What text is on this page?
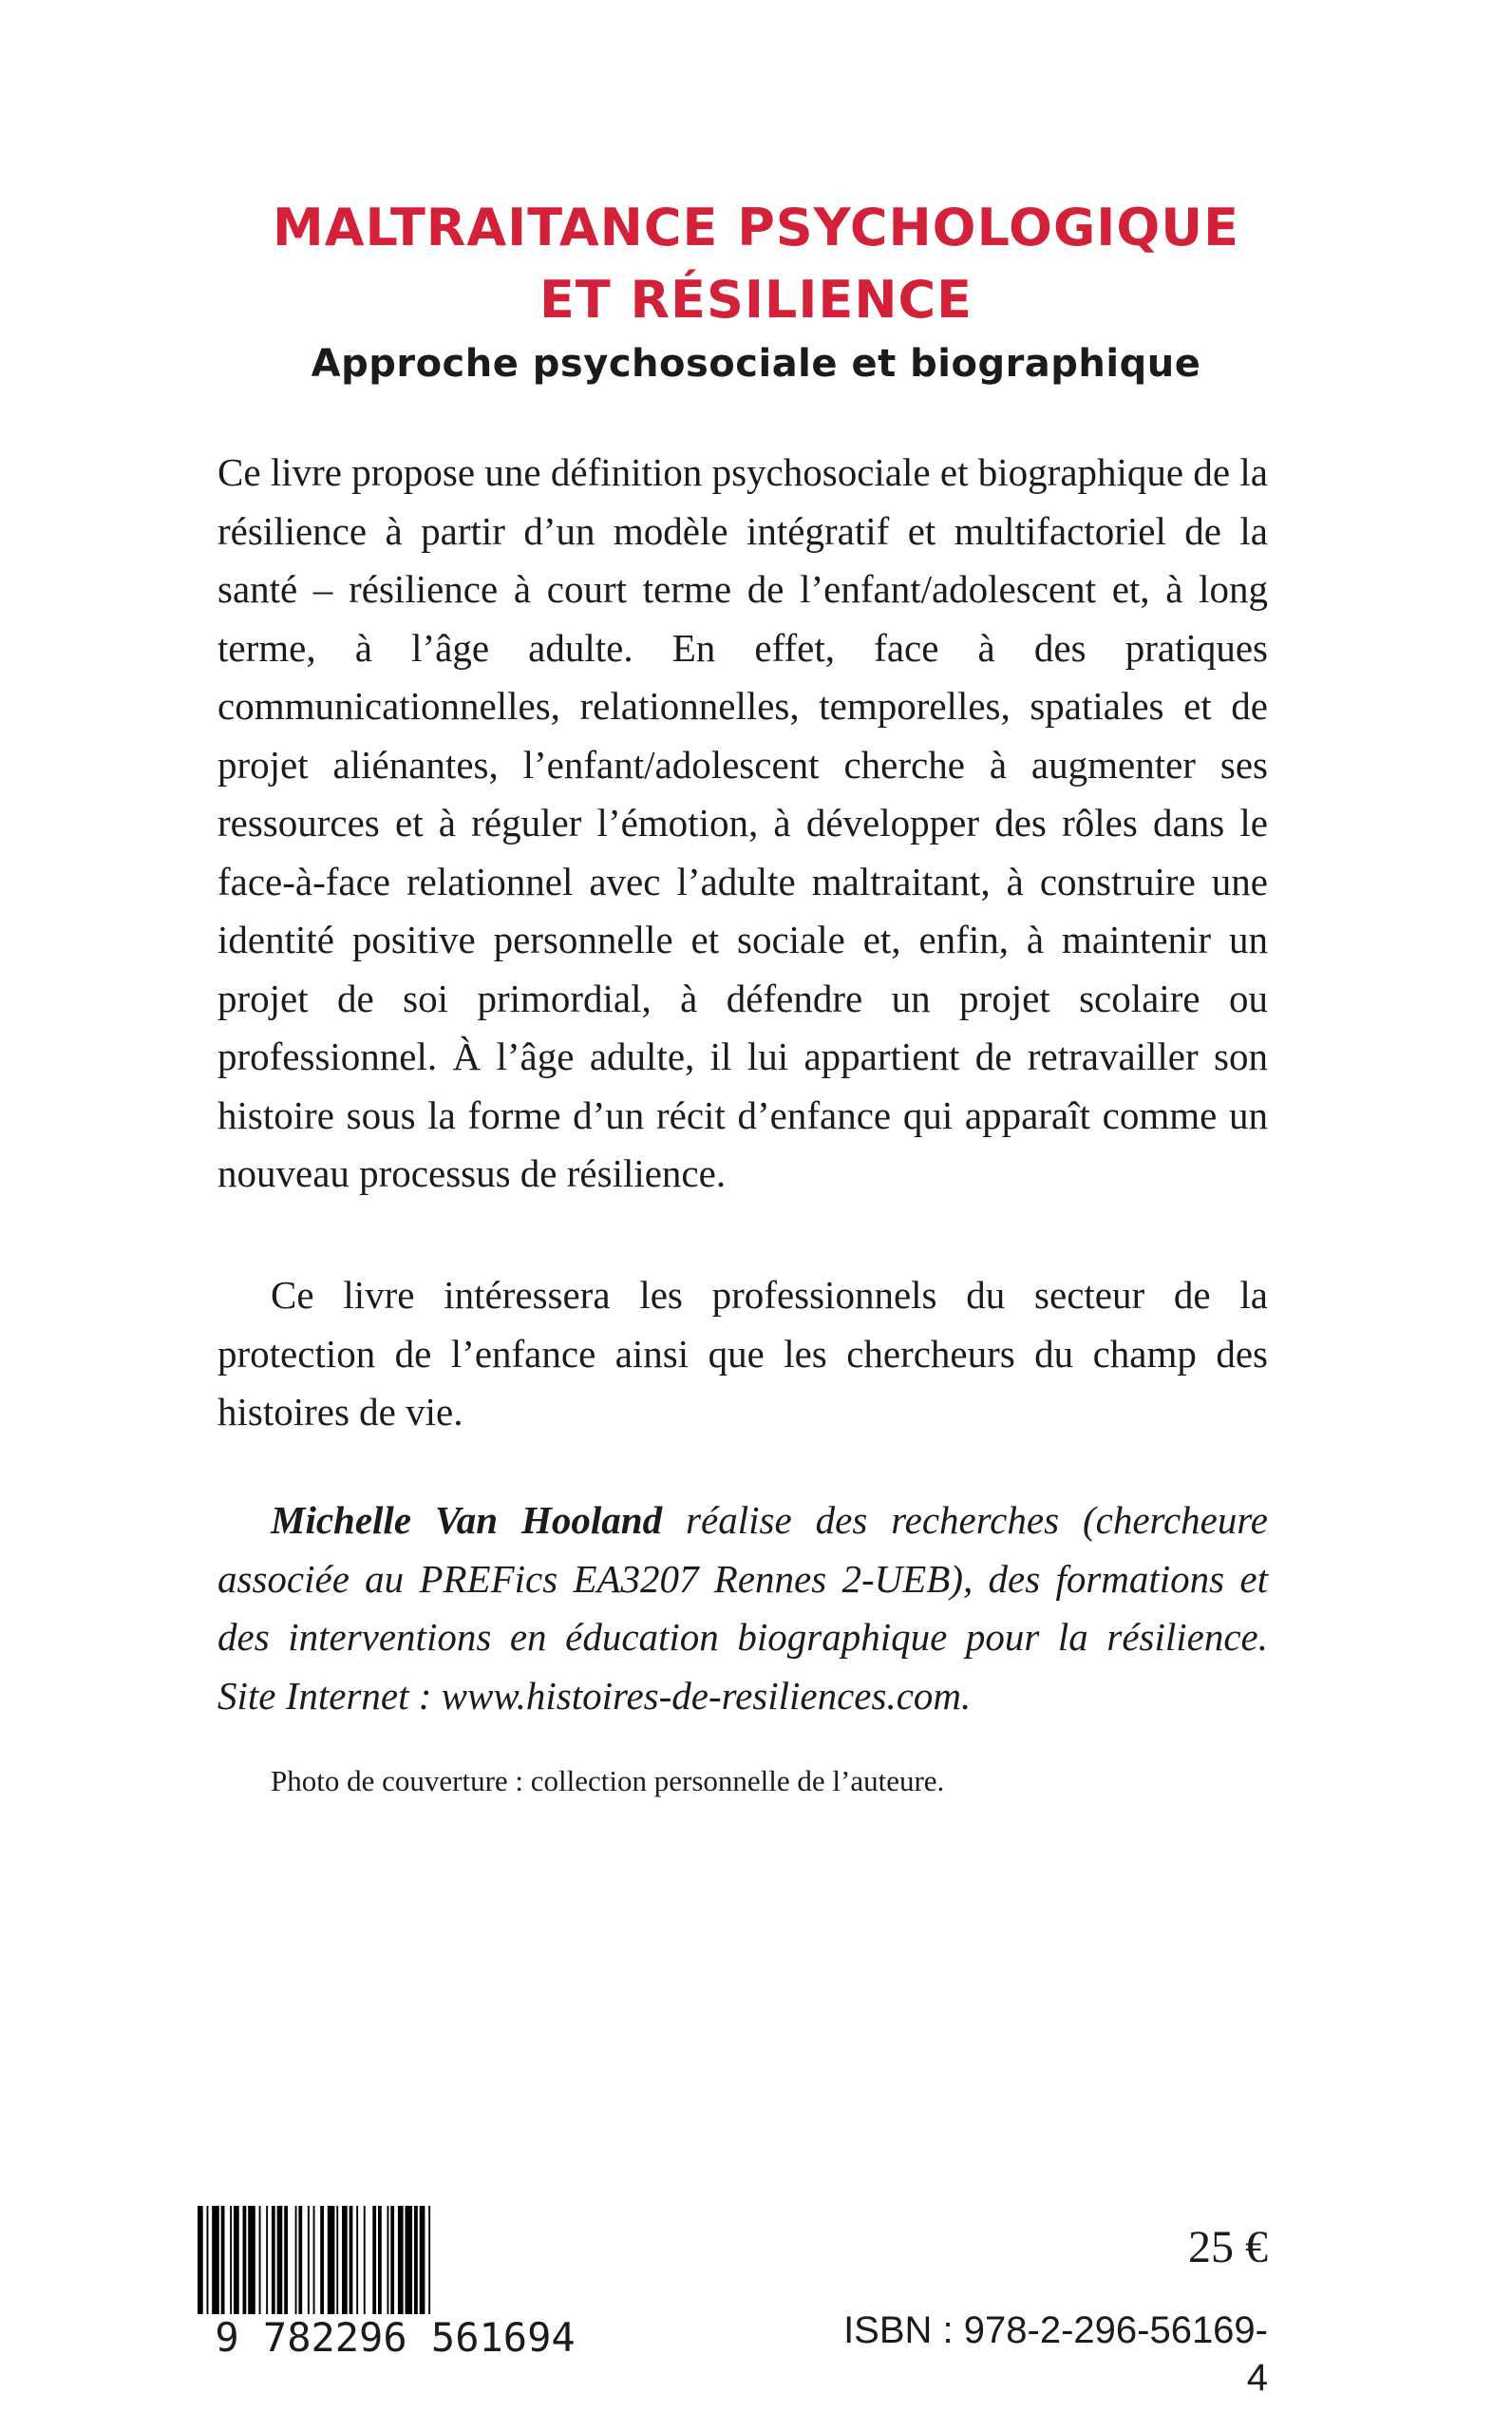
MALTRAITANCE PSYCHOLOGIQUE
ET RÉSILIENCE
Approche psychosociale et biographique

Ce livre propose une définition psychosociale et biographique de la résilience à partir d’un modèle intégratif et multifactoriel de la santé – résilience à court terme de l’enfant/adolescent et, à long terme, à l’âge adulte. En effet, face à des pratiques communicationnelles, relationnelles, temporelles, spatiales et de projet aliénantes, l’enfant/adolescent cherche à augmenter ses ressources et à réguler l’émotion, à développer des rôles dans le face-à-face relationnel avec l’adulte maltraitant, à construire une identité positive personnelle et sociale et, enfin, à maintenir un projet de soi primordial, à défendre un projet scolaire ou professionnel. À l’âge adulte, il lui appartient de retravailler son histoire sous la forme d’un récit d’enfance qui apparaît comme un nouveau processus de résilience.

Ce livre intéressera les professionnels du secteur de la protection de l’enfance ainsi que les chercheurs du champ des histoires de vie.

Michelle Van Hooland réalise des recherches (chercheure associée au PREFics EA3207 Rennes 2-UEB), des formations et des interventions en éducation biographique pour la résilience. Site Internet : www.histoires-de-resiliences.com.

Photo de couverture : collection personnelle de l’auteure.

9 782296 561694

25 €

ISBN : 978-2-296-56169-4
